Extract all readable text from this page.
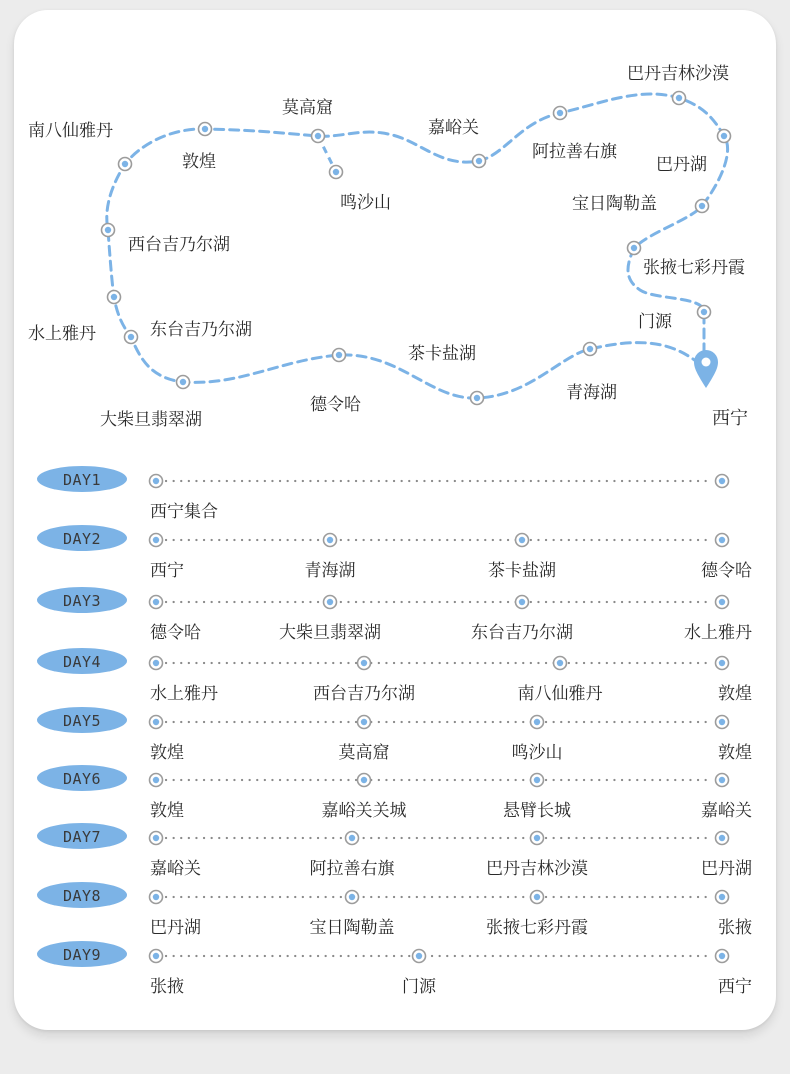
南八仙雅丹
敦煌
莫高窟
鸣沙山
嘉峪关
阿拉善右旗
巴丹吉林沙漠
巴丹湖
宝日陶勒盖
张掖七彩丹霞
门源
西台吉乃尔湖
水上雅丹	东台吉乃尔湖
大柴旦翡翠湖
德令哈
茶卡盐湖
青海湖
西宁
DAY1
西宁集合
DAY2
西宁	青海湖	茶卡盐湖	德令哈
DAY3
德令哈	大柴旦翡翠湖	东台吉乃尔湖	水上雅丹
DAY4
水上雅丹	西台吉乃尔湖	南八仙雅丹	敦煌
DAY5
敦煌	莫高窟	鸣沙山	敦煌
DAY6
敦煌	嘉峪关关城	悬臂长城	嘉峪关
DAY7
嘉峪关	阿拉善右旗	巴丹吉林沙漠	巴丹湖
DAY8
巴丹湖	宝日陶勒盖	张掖七彩丹霞	张掖
DAY9
张掖	门源	西宁
